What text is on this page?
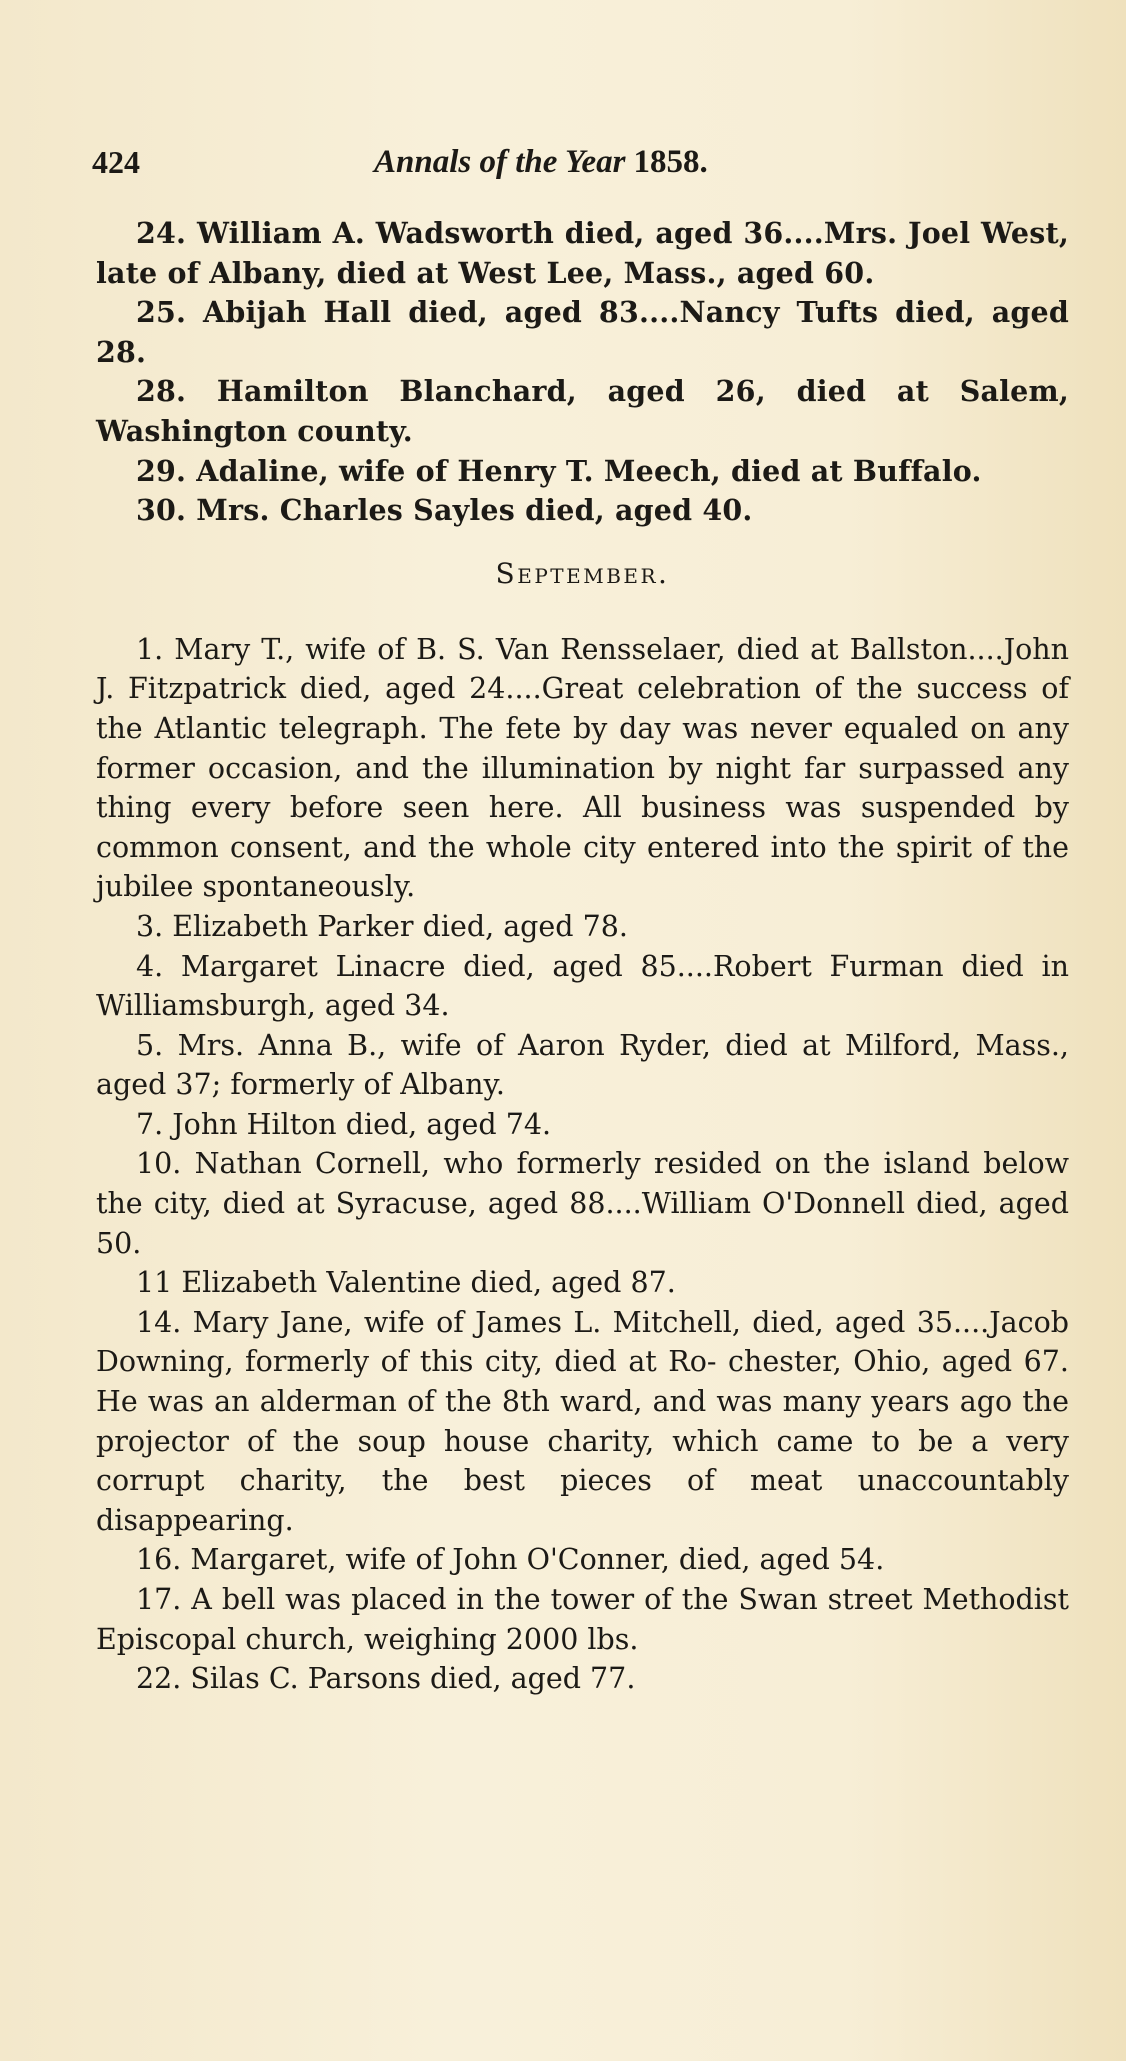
424	Annals of the Year 1858.

24. William A. Wadsworth died, aged 36....Mrs. Joel West, late of Albany, died at West Lee, Mass., aged 60.

25. Abijah Hall died, aged 83....Nancy Tufts died, aged 28.

28. Hamilton Blanchard, aged 26, died at Salem, Washington county.

29. Adaline, wife of Henry T. Meech, died at Buffalo.

30. Mrs. Charles Sayles died, aged 40.

September.

1. Mary T., wife of B. S. Van Rensselaer, died at Ballston....John J. Fitzpatrick died, aged 24....Great celebration of the success of the Atlantic telegraph. The fete by day was never equaled on any former occasion, and the illumination by night far surpassed any thing every before seen here. All business was suspended by common consent, and the whole city entered into the spirit of the jubilee spontaneously.

3. Elizabeth Parker died, aged 78.

4. Margaret Linacre died, aged 85....Robert Furman died in Williamsburgh, aged 34.

5. Mrs. Anna B., wife of Aaron Ryder, died at Milford, Mass., aged 37; formerly of Albany.

7. John Hilton died, aged 74.

10. Nathan Cornell, who formerly resided on the island below the city, died at Syracuse, aged 88....William O'Donnell died, aged 50.

11 Elizabeth Valentine died, aged 87.

14. Mary Jane, wife of James L. Mitchell, died, aged 35....Jacob Downing, formerly of this city, died at Ro- chester, Ohio, aged 67. He was an alderman of the 8th ward, and was many years ago the projector of the soup house charity, which came to be a very corrupt charity, the best pieces of meat unaccountably disappearing.

16. Margaret, wife of John O'Conner, died, aged 54.

17. A bell was placed in the tower of the Swan street Methodist Episcopal church, weighing 2000 lbs.

22. Silas C. Parsons died, aged 77.
